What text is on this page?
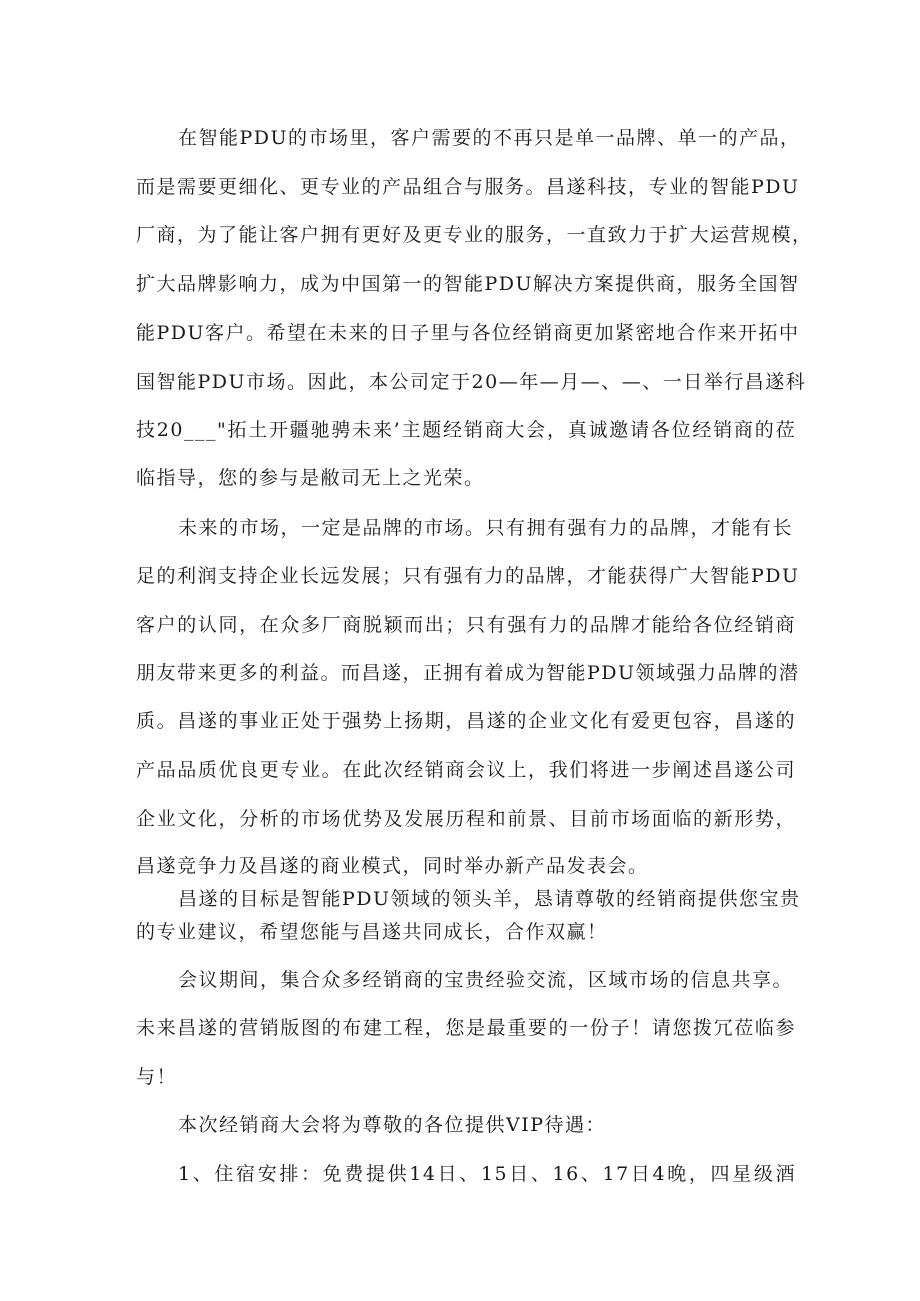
在智能PDU的市场里，客户需要的不再只是单一品牌、单一的产品，
而是需要更细化、更专业的产品组合与服务。昌遂科技，专业的智能PDU
厂商，为了能让客户拥有更好及更专业的服务，一直致力于扩大运营规模，
扩大品牌影响力，成为中国第一的智能PDU解决方案提供商，服务全国智
能PDU客户。希望在未来的日子里与各位经销商更加紧密地合作来开拓中
国智能PDU市场。因此，本公司定于20—年—月—、—、一日举行昌遂科
技20___"拓土开疆驰骋未来’主题经销商大会，真诚邀请各位经销商的莅
临指导，您的参与是敝司无上之光荣。
未来的市场，一定是品牌的市场。只有拥有强有力的品牌，才能有长
足的利润支持企业长远发展；只有强有力的品牌，才能获得广大智能PDU
客户的认同，在众多厂商脱颖而出；只有强有力的品牌才能给各位经销商
朋友带来更多的利益。而昌遂，正拥有着成为智能PDU领域强力品牌的潜
质。昌遂的事业正处于强势上扬期，昌遂的企业文化有爱更包容，昌遂的
产品品质优良更专业。在此次经销商会议上，我们将进一步阐述昌遂公司
企业文化，分析的市场优势及发展历程和前景、目前市场面临的新形势，
昌遂竞争力及昌遂的商业模式，同时举办新产品发表会。
昌遂的目标是智能PDU领域的领头羊，恳请尊敬的经销商提供您宝贵
的专业建议，希望您能与昌遂共同成长，合作双赢！
会议期间，集合众多经销商的宝贵经验交流，区域市场的信息共享。
未来昌遂的营销版图的布建工程，您是最重要的一份子！请您拨冗莅临参
与！
本次经销商大会将为尊敬的各位提供VIP待遇：
1、住宿安排：免费提供14日、15日、16、17日4晚，四星级酒
